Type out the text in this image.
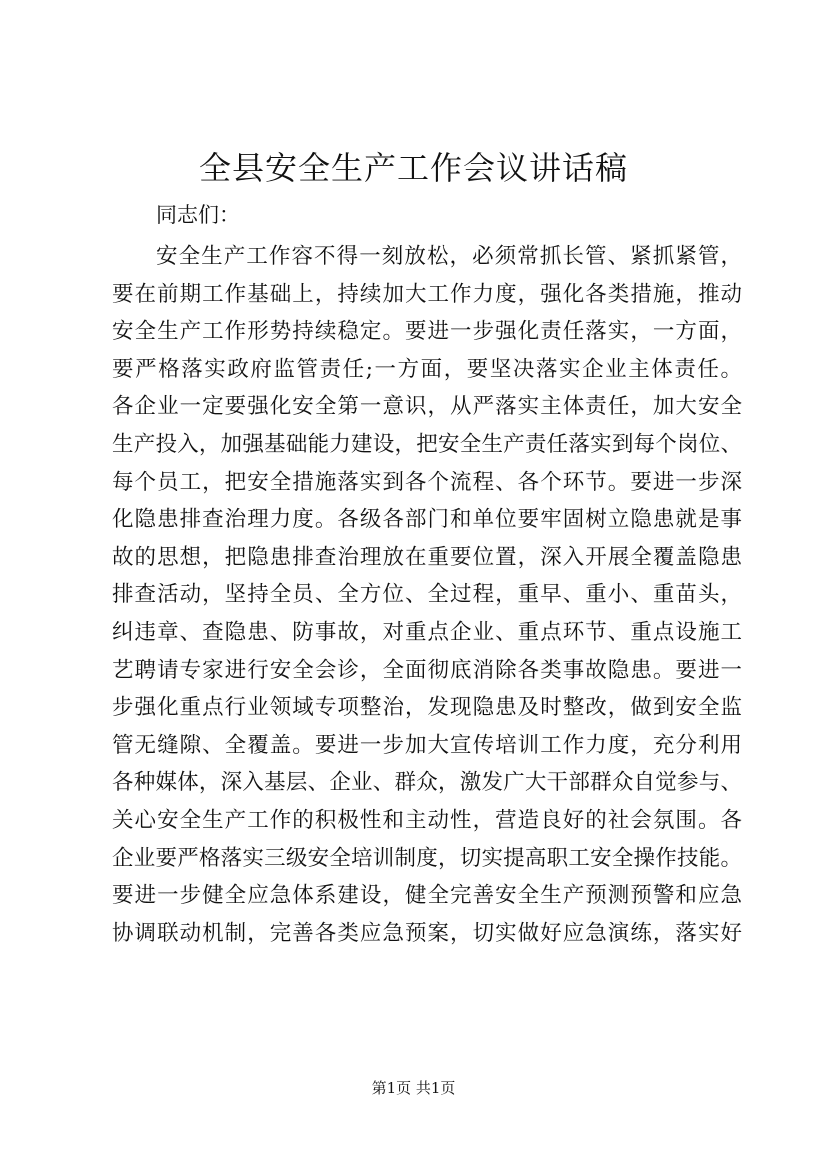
全县安全生产工作会议讲话稿
同志们：
安全生产工作容不得一刻放松，必须常抓长管、紧抓紧管，
要在前期工作基础上，持续加大工作力度，强化各类措施，推动
安全生产工作形势持续稳定。要进一步强化责任落实，一方面，
要严格落实政府监管责任;一方面，要坚决落实企业主体责任。
各企业一定要强化安全第一意识，从严落实主体责任，加大安全
生产投入，加强基础能力建设，把安全生产责任落实到每个岗位、
每个员工，把安全措施落实到各个流程、各个环节。要进一步深
化隐患排查治理力度。各级各部门和单位要牢固树立隐患就是事
故的思想，把隐患排查治理放在重要位置，深入开展全覆盖隐患
排查活动，坚持全员、全方位、全过程，重早、重小、重苗头，
纠违章、查隐患、防事故，对重点企业、重点环节、重点设施工
艺聘请专家进行安全会诊，全面彻底消除各类事故隐患。要进一
步强化重点行业领域专项整治，发现隐患及时整改，做到安全监
管无缝隙、全覆盖。要进一步加大宣传培训工作力度，充分利用
各种媒体，深入基层、企业、群众，激发广大干部群众自觉参与、
关心安全生产工作的积极性和主动性，营造良好的社会氛围。各
企业要严格落实三级安全培训制度，切实提高职工安全操作技能。
要进一步健全应急体系建设，健全完善安全生产预测预警和应急
协调联动机制，完善各类应急预案，切实做好应急演练，落实好
第1页 共1页
